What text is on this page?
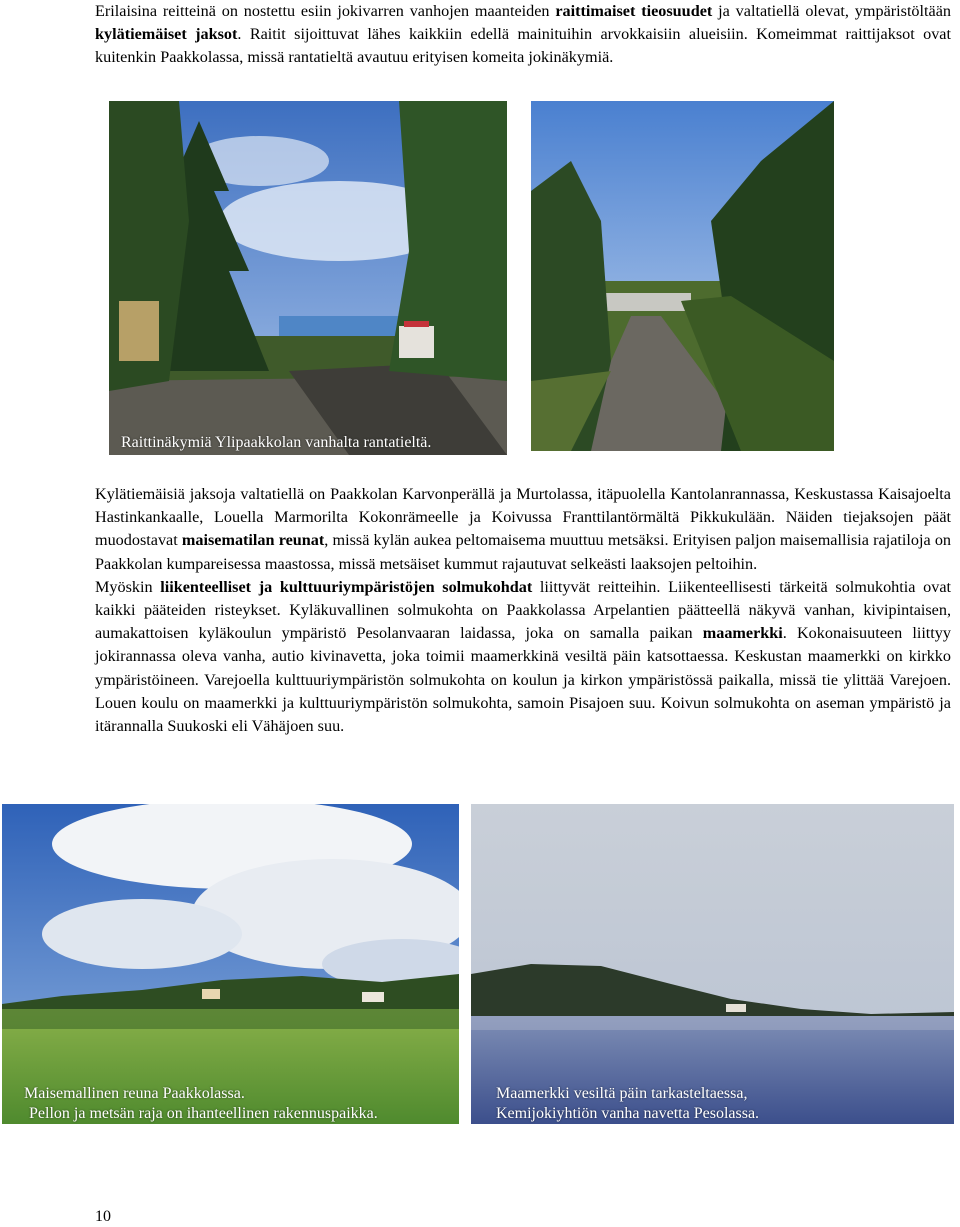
Erilaisina reitteinä on nostettu esiin jokivarren vanhojen maanteiden raittimaiset tieosuudet ja valtatiellä olevat, ympäristöltään kylätiemäiset jaksot. Raitit sijoittuvat lähes kaikkiin edellä mainituihin arvokkaisiin alueisiin. Komeimmat raittijaksot ovat kuitenkin Paakkolassa, missä rantatieltä avautuu erityisen komeita jokinäkymiä.

Raittinäkymiä Ylipaakkolan vanhalta rantatieltä.

Kylätiemäisiä jaksoja valtatiellä on Paakkolan Karvonperällä ja Murtolassa, itäpuolella Kantolanrannassa, Keskustassa Kaisajoelta Hastinkankaalle, Louella Marmorilta Kokonrämeelle ja Koivussa Franttilantörmältä Pikkukulään. Näiden tiejaksojen päät muodostavat maisematilan reunat, missä kylän aukea peltomaisema muuttuu metsäksi. Erityisen paljon maisemallisia rajatiloja on Paakkolan kumpareisessa maastossa, missä metsäiset kummut rajautuvat selkeästi laaksojen peltoihin.

Myöskin liikenteelliset ja kulttuuriympäristöjen solmukohdat liittyvät reitteihin. Liikenteellisesti tärkeitä solmukohtia ovat kaikki pääteiden risteykset. Kyläkuvallinen solmukohta on Paakkolassa Arpelantien päätteellä näkyvä vanhan, kivipintaisen, aumakattoisen kyläkoulun ympäristö Pesolanvaaran laidassa, joka on samalla paikan maamerkki. Kokonaisuuteen liittyy jokirannassa oleva vanha, autio kivinavetta, joka toimii maamerkkinä vesiltä päin katsottaessa. Keskustan maamerkki on kirkko ympäristöineen. Varejoella kulttuuriympäristön solmukohta on koulun ja kirkon ympäristössä paikalla, missä tie ylittää Varejoen. Louen koulu on maamerkki ja kulttuuriympäristön solmukohta, samoin Pisajoen suu. Koivun solmukohta on aseman ympäristö ja itärannalla Suukoski eli Vähäjoen suu.

Maisemallinen reuna Paakkolassa.
Pellon ja metsän raja on ihanteellinen rakennuspaikka.
Maamerkki vesiltä päin tarkasteltaessa,
Kemijokiyhtiön vanha navetta Pesolassa.
10
